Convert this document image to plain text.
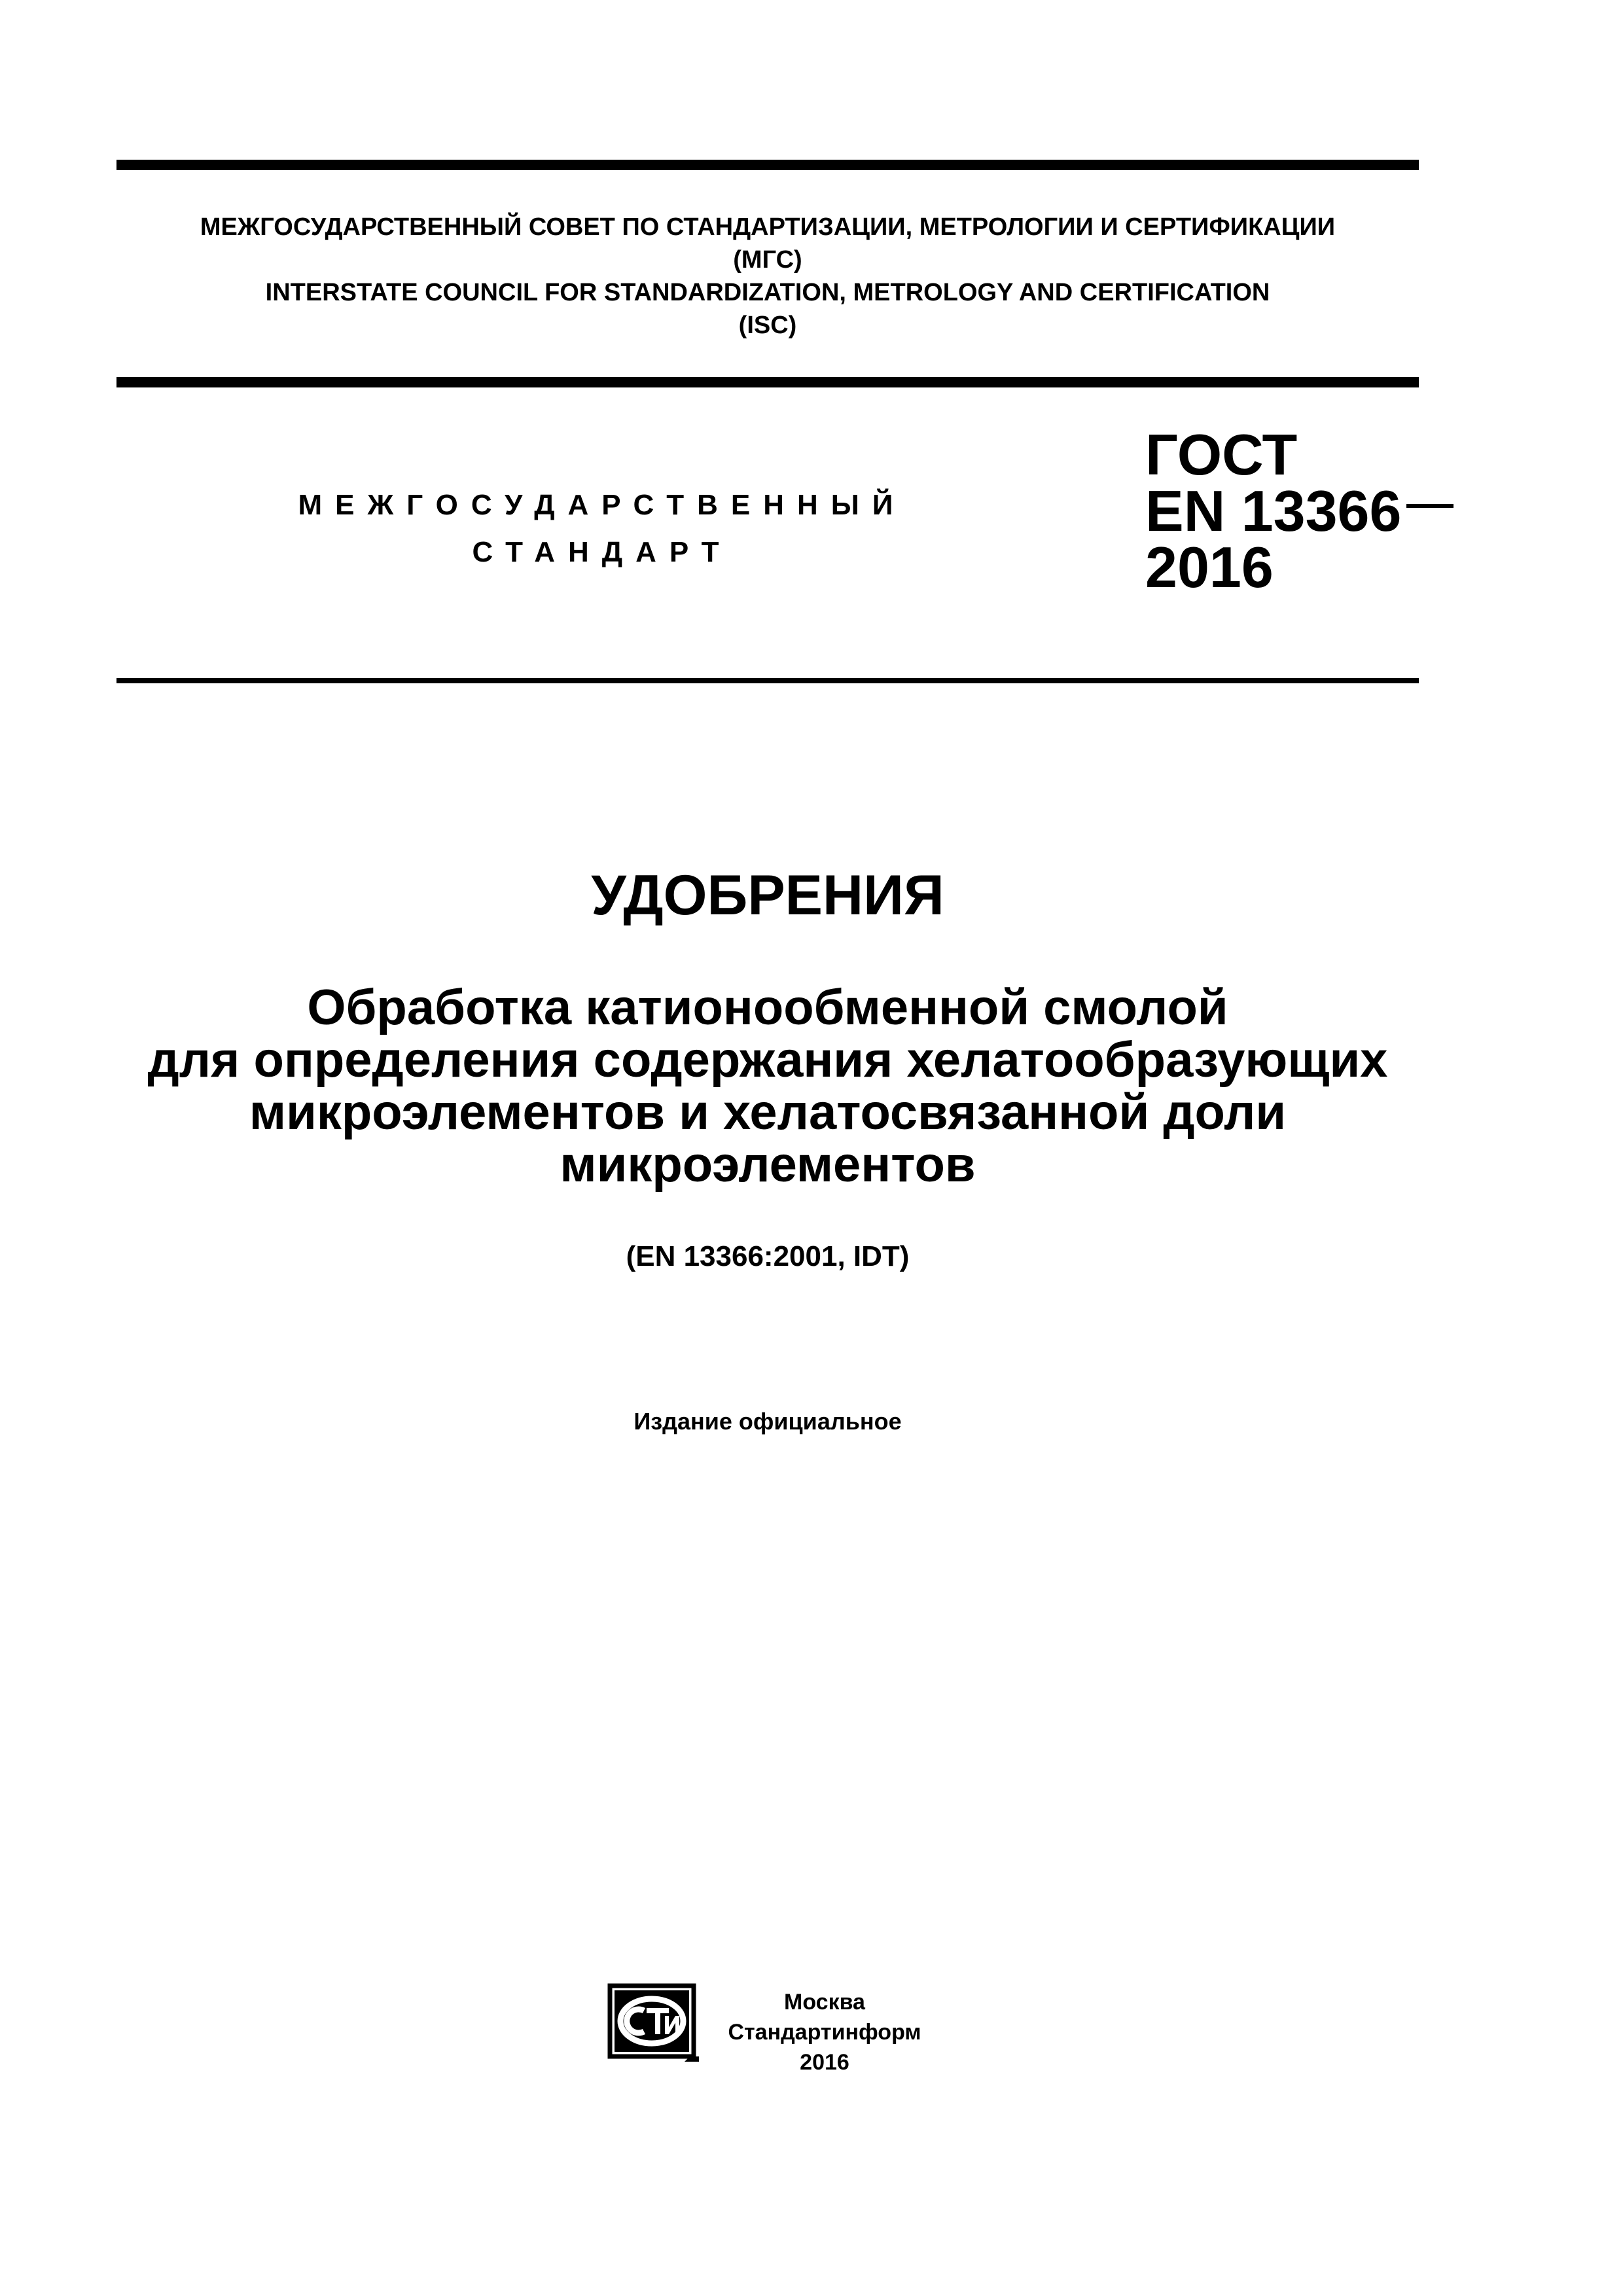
МЕЖГОСУДАРСТВЕННЫЙ СОВЕТ ПО СТАНДАРТИЗАЦИИ, МЕТРОЛОГИИ И СЕРТИФИКАЦИИ
(МГС)
INTERSTATE COUNCIL FOR STANDARDIZATION, METROLOGY AND CERTIFICATION
(ISC)
МЕЖГОСУДАРСТВЕННЫЙ
СТАНДАРТ
ГОСТ
EN 13366
2016
УДОБРЕНИЯ
Обработка катионообменной смолой
для определения содержания хелатообразующих
микроэлементов и хелатосвязанной доли
микроэлементов
(EN 13366:2001, IDT)
Издание официальное
Москва
Стандартинформ
2016
